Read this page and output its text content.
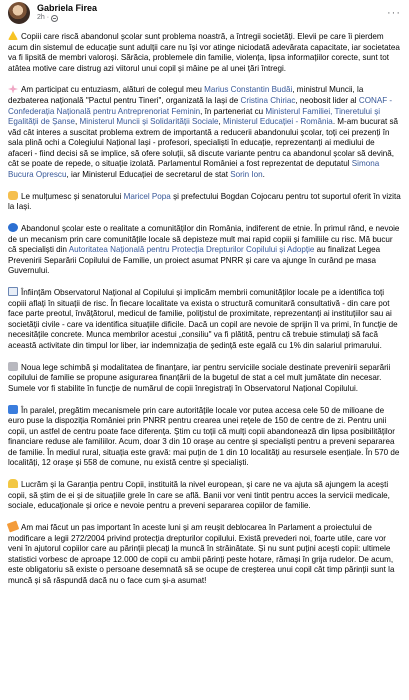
Gabriela Firea
2h ·	···

Copiii care riscă abandonul școlar sunt problema noastră, a întregii societăți. Elevii pe care îi pierdem acum din sistemul de educație sunt adulții care nu își vor atinge niciodată adevărata capacitate, iar societatea va fi lipsită de membri valoroși. Sărăcia, problemele din familie, violența, lipsa informațiilor corecte, sunt tot atâtea motive care distrug azi viitorul unui copil și mâine pe al unei țări întregi.

Am participat cu entuziasm, alături de colegul meu Marius Constantin Budăi, ministrul Muncii, la dezbaterea națională "Pactul pentru Tineri", organizată la Iași de Cristina Chiriac, neobosit lider al CONAF - Confederația Națională pentru Antreprenoriat Feminin, în parteneriat cu Ministerul Familiei, Tineretului și Egalității de Șanse, Ministerul Muncii și Solidarității Sociale, Ministerul Educației - România. M-am bucurat să văd cât interes a suscitat problema extrem de importantă a reducerii abandonului școlar, toți cei prezenți în sala plină ochi a Colegiului Național Iași - profesori, specialiști în educație, reprezentanți ai mediului de afaceri - fiind decisi să se implice, să ofere soluții, să discute variante pentru ca abandonul școlar să devină, cât se poate de repede, o situație izolată. Parlamentul României a fost reprezentat de deputatul Simona Bucura Oprescu, iar Ministerul Educației de secretarul de stat Sorin Ion.

Le mulțumesc și senatorului Maricel Popa și prefectului Bogdan Cojocaru pentru tot suportul oferit în vizita la Iași.

Abandonul școlar este o realitate a comunităților din România, indiferent de etnie. În primul rând, e nevoie de un mecanism prin care comunitățile locale să depisteze mult mai rapid copiii și familiile cu risc. Mă bucur că specialiști din Autoritatea Națională pentru Protecția Drepturilor Copilului și Adopție au finalizat Legea Prevenirii Separării Copilului de Familie, un proiect asumat PNRR și care va ajunge în curând pe masa Guvernului.

Înființăm Observatorul Național al Copilului și implicăm membrii comunităților locale pe a identifica toți copiii aflați în situații de risc. În fiecare localitate va exista o structură comunitară consultativă - din care pot face parte preotul, învățătorul, medicul de familie, polițistul de proximitate, reprezentanți ai instituțiilor sau ai societății civile - care va identifica situațiile dificile. Dacă un copil are nevoie de sprijin îl va primi, în funcție de necesitățile concrete. Munca membrilor acestui „consiliu" va fi plătită, pentru că trebuie stimulați să facă această activitate din timpul lor liber, iar indemnizația de ședință este egală cu 1% din salariul primarului.

Noua lege schimbă și modalitatea de finanțare, iar pentru serviciile sociale destinate prevenirii separării copilului de familie se propune asigurarea finanțării de la bugetul de stat a cel mult jumătate din necesar. Sumele vor fi stabilite în funcție de numărul de copii înregistrați în Observatorul Național Copilului.

În paralel, pregătim mecanismele prin care autoritățile locale vor putea accesa cele 50 de milioane de euro puse la dispoziția României prin PNRR pentru crearea unei rețele de 150 de centre de zi. Pentru unii copii, un astfel de centru poate face diferența. Știm cu toții că mulți copii abandonează din lipsa posibilităților financiare reduse ale familiilor. Acum, doar 3 din 10 orașe au centre și specialiști pentru a preveni separarea de familie. În mediul rural, situația este gravă: mai puțin de 1 din 10 localități au resursele esențiale. În 570 de localități, 12 orașe și 558 de comune, nu există centre și specialiști.

Lucrăm și la Garanția pentru Copii, instituită la nivel european, și care ne va ajuta să ajungem la acești copii, să știm de ei și de situațiile grele în care se află. Banii vor veni tintit pentru acces la servicii medicale, sociale, educaționale și orice e nevoie pentru a preveni separarea copiilor de familie.

Am mai făcut un pas important în aceste luni și am reușit deblocarea în Parlament a proiectului de modificare a legii 272/2004 privind protecția drepturilor copilului. Există prevederi noi, foarte utile, care vor veni în ajutorul copiilor care au părinții plecați la muncă în străinătate. Și nu sunt puțini acești copii: ultimele statistici vorbesc de aproape 12.000 de copii cu ambii părinți peste hotare, rămași în grija rudelor. De acum, este obligatoriu să existe o persoane desemnată să se ocupe de creșterea unui copil cât timp părinții sunt la muncă și să răspundă dacă nu o face cum și-a asumat!
